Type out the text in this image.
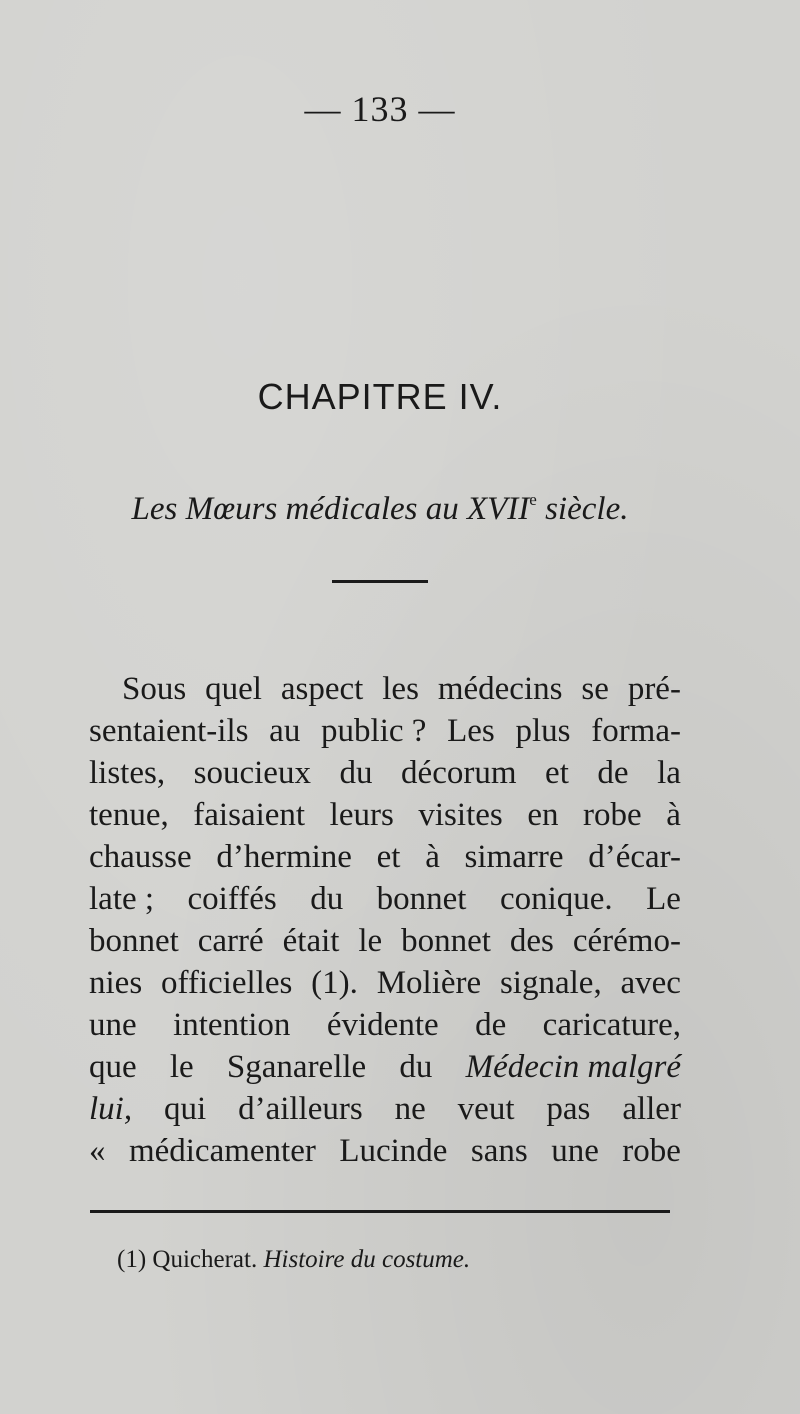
— 133 —
CHAPITRE IV.
Les Mœurs médicales au XVIIe siècle.
Sous quel aspect les médecins se pré-
sentaient-ils au public ? Les plus forma-
listes, soucieux du décorum et de la
tenue, faisaient leurs visites en robe à
chausse d’hermine et à simarre d’écar-
late ; coiffés du bonnet conique. Le
bonnet carré était le bonnet des cérémo-
nies officielles (1). Molière signale, avec
une intention évidente de caricature,
que le Sganarelle du Médecin malgré
lui, qui d’ailleurs ne veut pas aller
« médicamenter Lucinde sans une robe
(1) Quicherat. Histoire du costume.
